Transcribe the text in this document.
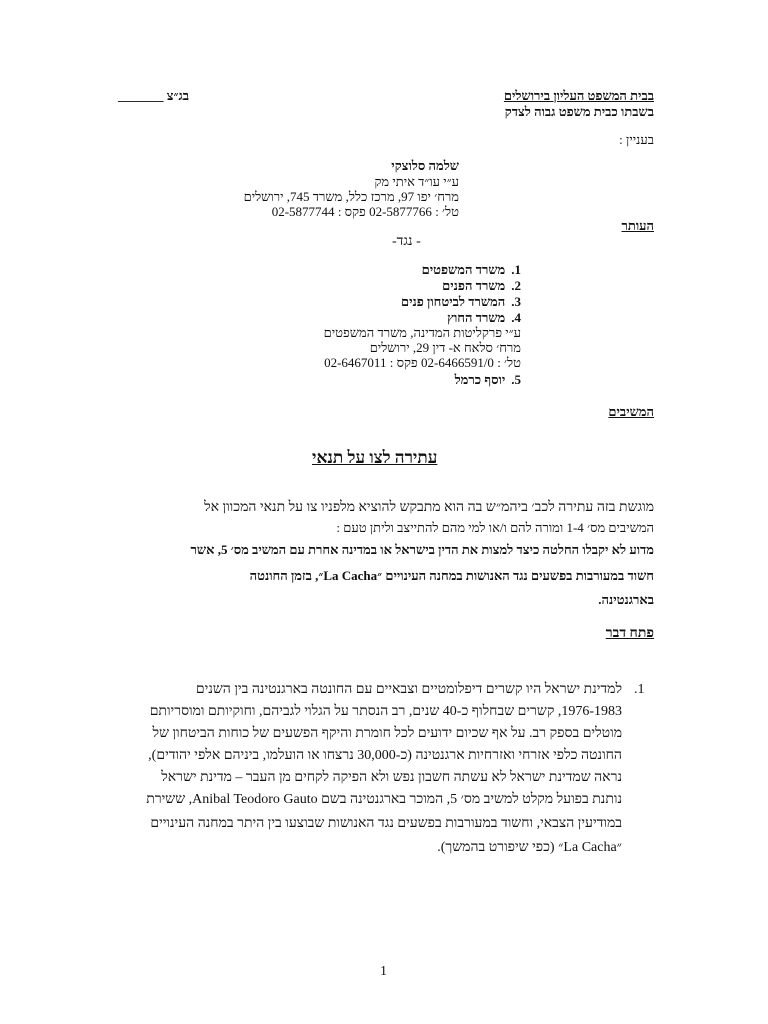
בבית המשפט העליון בירושלים
בשבתו כבית משפט גבוה לצדק
בג״צ _______
בעניין :
שלמה סלוצקי
ע״י עו״ד איתי מק
מרח׳ יפו 97, מרכז כלל, משרד 745, ירושלים
טל׳ : 02-5877766 פקס : 02-5877744
העותר
- נגד-
1.
משרד המשפטים
2.
משרד הפנים
3.
המשרד לביטחון פנים
4.
משרד החוץ
ע״י פרקליטות המדינה, משרד המשפטים
מרח׳ סלאח א- דין 29, ירושלים
טל׳ : 02-6466591/0 פקס : 02-6467011
5.
יוסף כרמל
המשיבים
עתירה לצו על תנאי
מוגשת בזה עתירה לכב׳ ביהמ״ש בה הוא מתבקש להוציא מלפניו צו על תנאי המכוון אל
המשיבים מס׳ 1-4 ומורה להם ו/או למי מהם להתייצב וליתן טעם :
מדוע לא יקבלו החלטה כיצד למצות את הדין בישראל או במדינה אחרת עם המשיב מס׳ 5, אשר
חשוד במעורבות בפשעים נגד האנושות במחנה העינויים ״La Cacha״, בזמן החונטה
בארגנטינה.
פתח דבר
.1
למדינת ישראל היו קשרים דיפלומטיים וצבאיים עם החונטה בארגנטינה בין השנים
1976-1983, קשרים שבחלוף כ-40 שנים, רב הנסתר על הגלוי לגביהם, וחוקיותם ומוסריותם
מוטלים בספק רב. על אף שכיום ידועים לכל חומרת והיקף הפשעים של כוחות הביטחון של
החונטה כלפי אזרחי ואזרחיות ארגנטינה (כ-30,000 נרצחו או הועלמו, ביניהם אלפי יהודים),
נראה שמדינת ישראל לא עשתה חשבון נפש ולא הפיקה לקחים מן העבר – מדינת ישראל
נותנת בפועל מקלט למשיב מס׳ 5, המוכר בארגנטינה בשם Anibal Teodoro Gauto, ששירת
במודיעין הצבאי, וחשוד במעורבות בפשעים נגד האנושות שבוצעו בין היתר במחנה העינויים
״La Cacha״ (כפי שיפורט בהמשך).
1
